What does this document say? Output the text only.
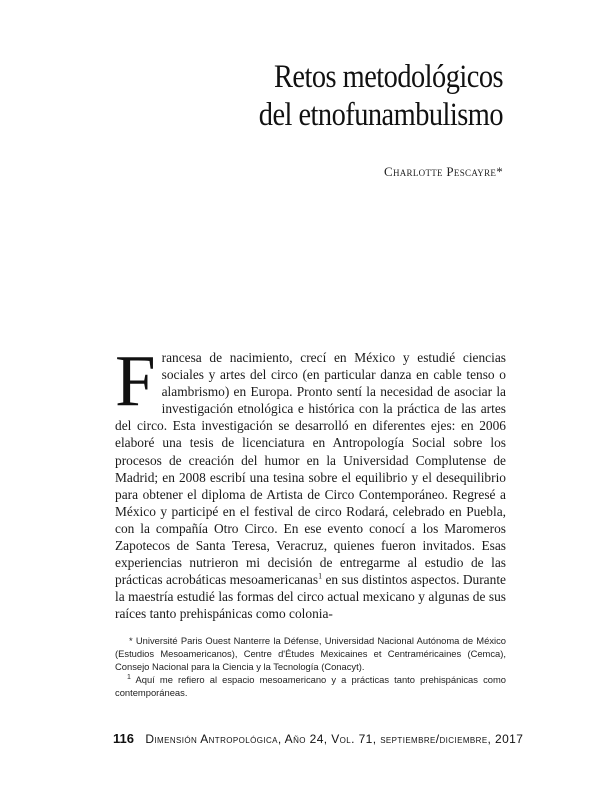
Retos metodológicos
del etnofunambulismo
Charlotte Pescayre*
Francesa de nacimiento, crecí en México y estudié ciencias sociales y artes del circo (en particular danza en cable tenso o alambrismo) en Europa. Pronto sentí la necesidad de asociar la investigación etnológica e histórica con la práctica de las artes del circo. Esta investigación se desarrolló en diferentes ejes: en 2006 elaboré una tesis de licenciatura en Antropología Social sobre los procesos de creación del humor en la Universidad Complutense de Madrid; en 2008 escribí una tesina sobre el equilibrio y el desequilibrio para obtener el diploma de Artista de Circo Contemporáneo. Regresé a México y participé en el festival de circo Rodará, celebrado en Puebla, con la compañía Otro Circo. En ese evento conocí a los Maromeros Zapotecos de Santa Teresa, Veracruz, quienes fueron invitados. Esas experiencias nutrieron mi decisión de entregarme al estudio de las prácticas acrobáticas mesoamericanas$^1$ en sus distintos aspectos. Durante la maestría estudié las formas del circo actual mexicano y algunas de sus raíces tanto prehispánicas como colonia-

* Université Paris Ouest Nanterre la Défense, Universidad Nacional Autónoma de México (Estudios Mesoamericanos), Centre d'Études Mexicaines et Centraméricaines (Cemca), Consejo Nacional para la Ciencia y la Tecnología (Conacyt).

$^1$ Aquí me refiero al espacio mesoamericano y a prácticas tanto prehispánicas como contemporáneas.

116 Dimensión Antropológica, Año 24, Vol. 71, septiembre/diciembre, 2017
